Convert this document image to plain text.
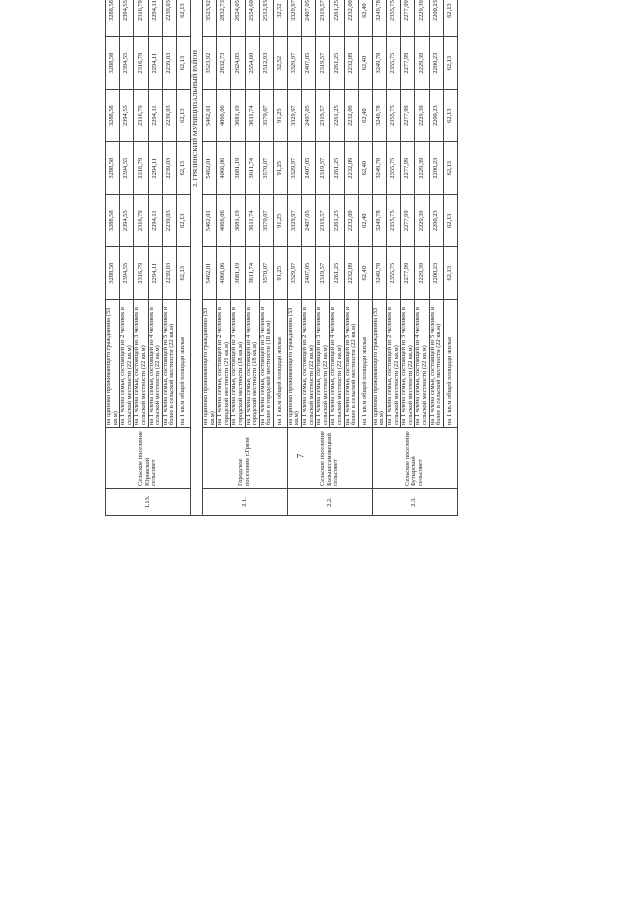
7
1.13.	Сельское поселение Юровской сельсовет	на одиноко проживающего гражданина (33 кв.м)	3288,58	3288,58	3288,58	3288,58	3288,58	3288,58					
		на 1 члена семьи, состоящей из 2 человек в сельской местности (22 кв.м)	2394,55	2394,55	2394,55	2394,55	2394,55	2394,55					
		на 1 члена семьи, состоящей из 3 человек в сельской местности (22 кв.м)	2316,79	2316,79	2316,79	2316,79	2316,79	2316,79					
		на 1 члена семьи, состоящей из 4 человек в сельской местности (22 кв.м)	2294,11	2294,11	2294,11	2294,11	2294,11	2294,11					
		на 1 члена семьи, состоящей из 5 человек и более в сельской местности (22 кв.м)	2239,03	2239,03	2239,03	2239,03	2239,03	2239,03					
		на 1 кв.м общей площади жилья	62,13	62,13	62,13	62,13	62,13	62,13					
2. ГРЯЗИНСКИЙ МУНИЦИПАЛЬНЫЙ РАЙОН													
2.1.	Городское поселение г.Грязи	на одиноко проживающего гражданина (33 кв.м)	5462,01	5462,01	5462,01	5462,01	3523,92	3523,92					
		на 1 члена семьи, состоящей из 2 человек в городской местности (21 кв.м)	4066,06	4066,06	4066,06	4066,06	2832,73	2832,73					
		на 1 члена семьи, состоящей из 3 человек в городской местности (18 кв.м)	3681,19	3681,19	3681,19	3681,19	2624,05	2624,05					
		на 1 члена семьи, состоящей из 4 человек в городской местности (18 кв.м)	3611,74	3611,74	3611,74	3611,74	2554,60	2554,60					
		на 1 члена семьи, состоящей из 5 человек и более в городской местности (18 кв.м)	3570,07	3570,07	3570,07	3570,07	2512,93	2512,93					
		на 1 кв.м общей площади жилья	91,25	91,25	91,25	91,25	32,52	32,52					
2.2.	Сельское поселение Большесамовецкий сельсовет	на одиноко проживающего гражданина (33 кв.м)	3329,97	3329,97	3329,97	3329,97	3329,97	3329,97					
		на 1 члена семьи, состоящей из 2 человек в сельской местности (22 кв.м)	2407,05	2407,05	2407,05	2407,05	2407,05	2407,05					
		на 1 члена семьи, состоящей из 3 человек в сельской местности (22 кв.м)	2319,57	2319,57	2319,57	2319,57	2319,57	2319,57					
		на 1 члена семьи, состоящей из 4 человек в сельской местности (22 кв.м)	2261,25	2261,25	2261,25	2261,25	2261,25	2261,25					
		на 1 члена семьи, состоящей из 5 человек и более в сельской местности (22 кв.м)	2232,09	2232,09	2232,09	2232,09	2232,09	2232,09					
		на 1 кв.м общей площади жилья	62,40	62,40	62,40	62,40	62,40	62,40					
2.3.	Сельское поселение Бутырский сельсовет	на одиноко проживающего гражданина (33 кв.м)	3249,78	3249,78	3249,78	3249,78	3249,78	3249,78					
		на 1 члена семьи, состоящей из 2 человек в сельской местности (22 кв.м)	2355,75	2355,75	2355,75	2355,75	2355,75	2355,75					
		на 1 члена семьи, состоящей из 3 человек в сельской местности (22 кв.м)	2277,99	2277,99	2277,99	2277,99	2277,99	2277,99					
		на 1 члена семьи, состоящей из 4 человек в сельской местности (22 кв.м)	2229,39	2229,39	2229,39	2229,39	2229,39	2229,39					
		на 1 члена семьи, состоящей из 5 человек и более в сельской местности (22 кв.м)	2200,23	2200,23	2200,23	2200,23	2200,23	2200,23					
		на 1 кв.м общей площади жилья	62,13	62,13	62,13	62,13	62,13	62,13					
